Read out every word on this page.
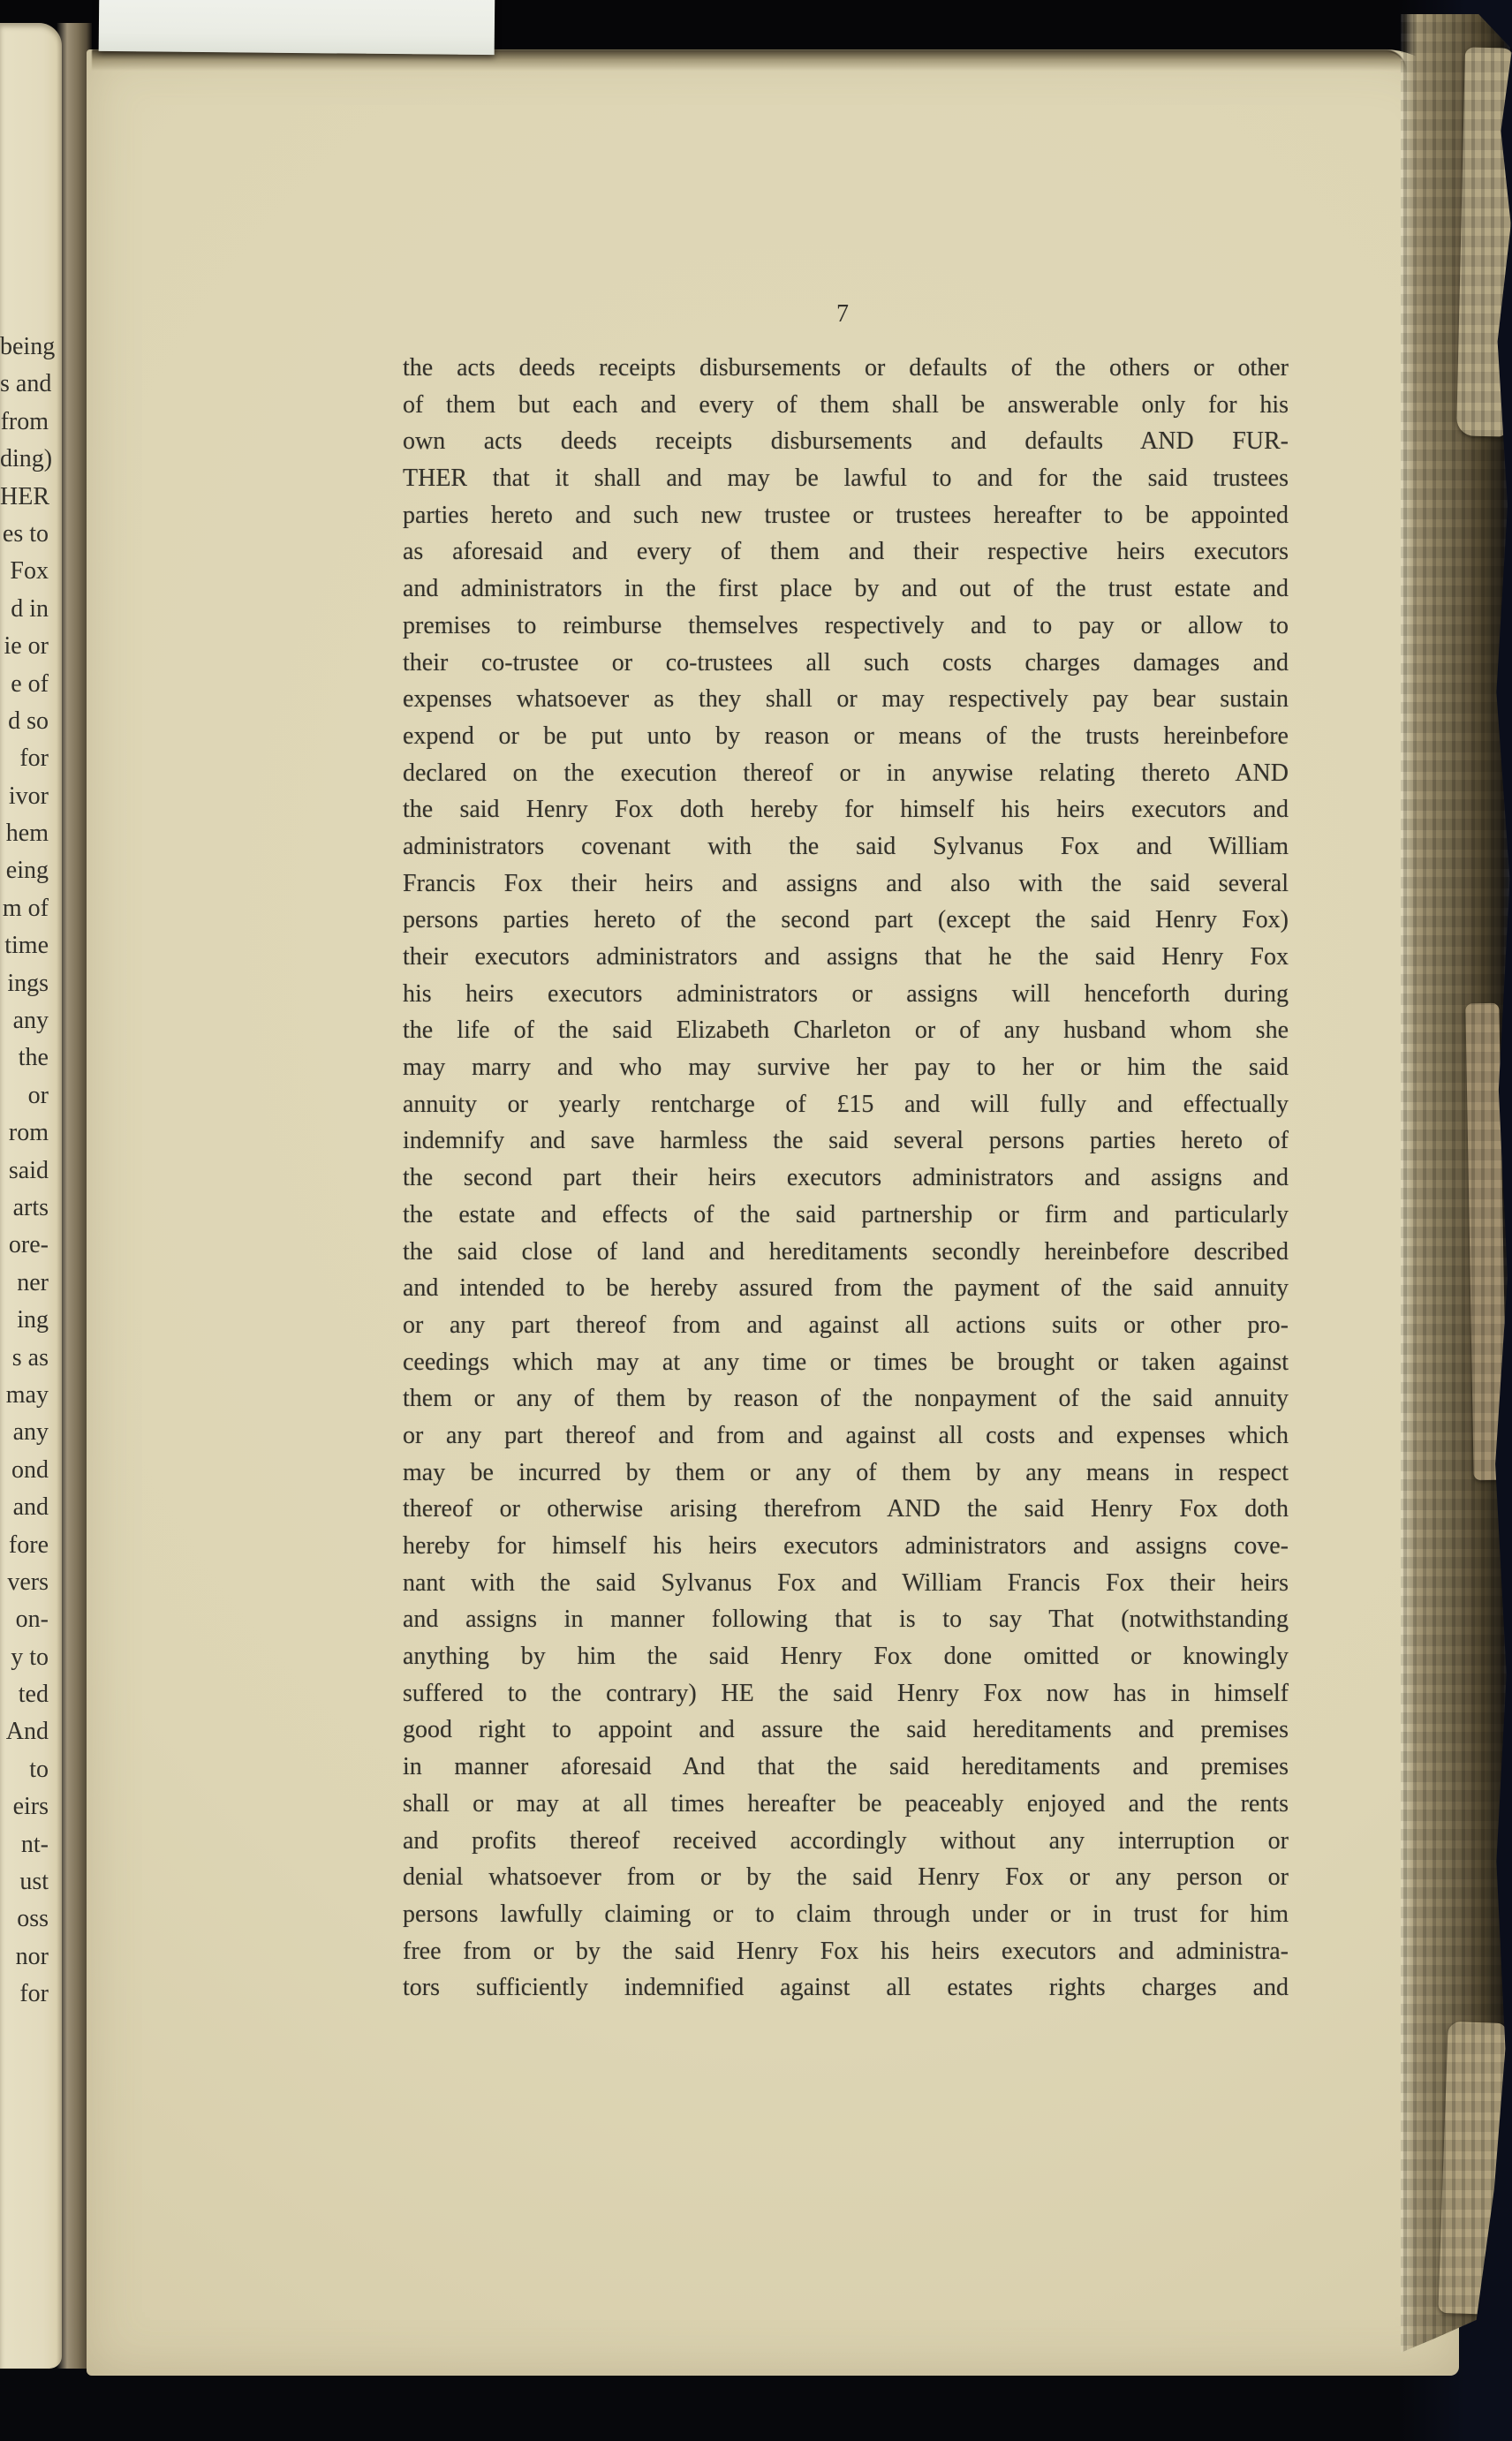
being
s and
from
ding)
HER
es to
Fox
d in
ie or
e of
d so
for
ivor
hem
eing
m of
time
ings
any
the
or
rom
said
arts
ore-
ner
ing
s as
may
any
ond
and
fore
vers
on-
y to
ted
And
to
eirs
nt-
ust
oss
nor
for
7
the acts deeds receipts disbursements or defaults of the others or other
of them but each and every of them shall be answerable only for his
own acts deeds receipts disbursements and defaults AND FUR-
THER that it shall and may be lawful to and for the said trustees
parties hereto and such new trustee or trustees hereafter to be appointed
as aforesaid and every of them and their respective heirs executors
and administrators in the first place by and out of the trust estate and
premises to reimburse themselves respectively and to pay or allow to
their co-trustee or co-trustees all such costs charges damages and
expenses whatsoever as they shall or may respectively pay bear sustain
expend or be put unto by reason or means of the trusts hereinbefore
declared on the execution thereof or in anywise relating thereto AND
the said Henry Fox doth hereby for himself his heirs executors and
administrators covenant with the said Sylvanus Fox and William
Francis Fox their heirs and assigns and also with the said several
persons parties hereto of the second part (except the said Henry Fox)
their executors administrators and assigns that he the said Henry Fox
his heirs executors administrators or assigns will henceforth during
the life of the said Elizabeth Charleton or of any husband whom she
may marry and who may survive her pay to her or him the said
annuity or yearly rentcharge of £15 and will fully and effectually
indemnify and save harmless the said several persons parties hereto of
the second part their heirs executors administrators and assigns and
the estate and effects of the said partnership or firm and particularly
the said close of land and hereditaments secondly hereinbefore described
and intended to be hereby assured from the payment of the said annuity
or any part thereof from and against all actions suits or other pro-
ceedings which may at any time or times be brought or taken against
them or any of them by reason of the nonpayment of the said annuity
or any part thereof and from and against all costs and expenses which
may be incurred by them or any of them by any means in respect
thereof or otherwise arising therefrom AND the said Henry Fox doth
hereby for himself his heirs executors administrators and assigns cove-
nant with the said Sylvanus Fox and William Francis Fox their heirs
and assigns in manner following that is to say That (notwithstanding
anything by him the said Henry Fox done omitted or knowingly
suffered to the contrary) HE the said Henry Fox now has in himself
good right to appoint and assure the said hereditaments and premises
in manner aforesaid And that the said hereditaments and premises
shall or may at all times hereafter be peaceably enjoyed and the rents
and profits thereof received accordingly without any interruption or
denial whatsoever from or by the said Henry Fox or any person or
persons lawfully claiming or to claim through under or in trust for him
free from or by the said Henry Fox his heirs executors and administra-
tors sufficiently indemnified against all estates rights charges and
